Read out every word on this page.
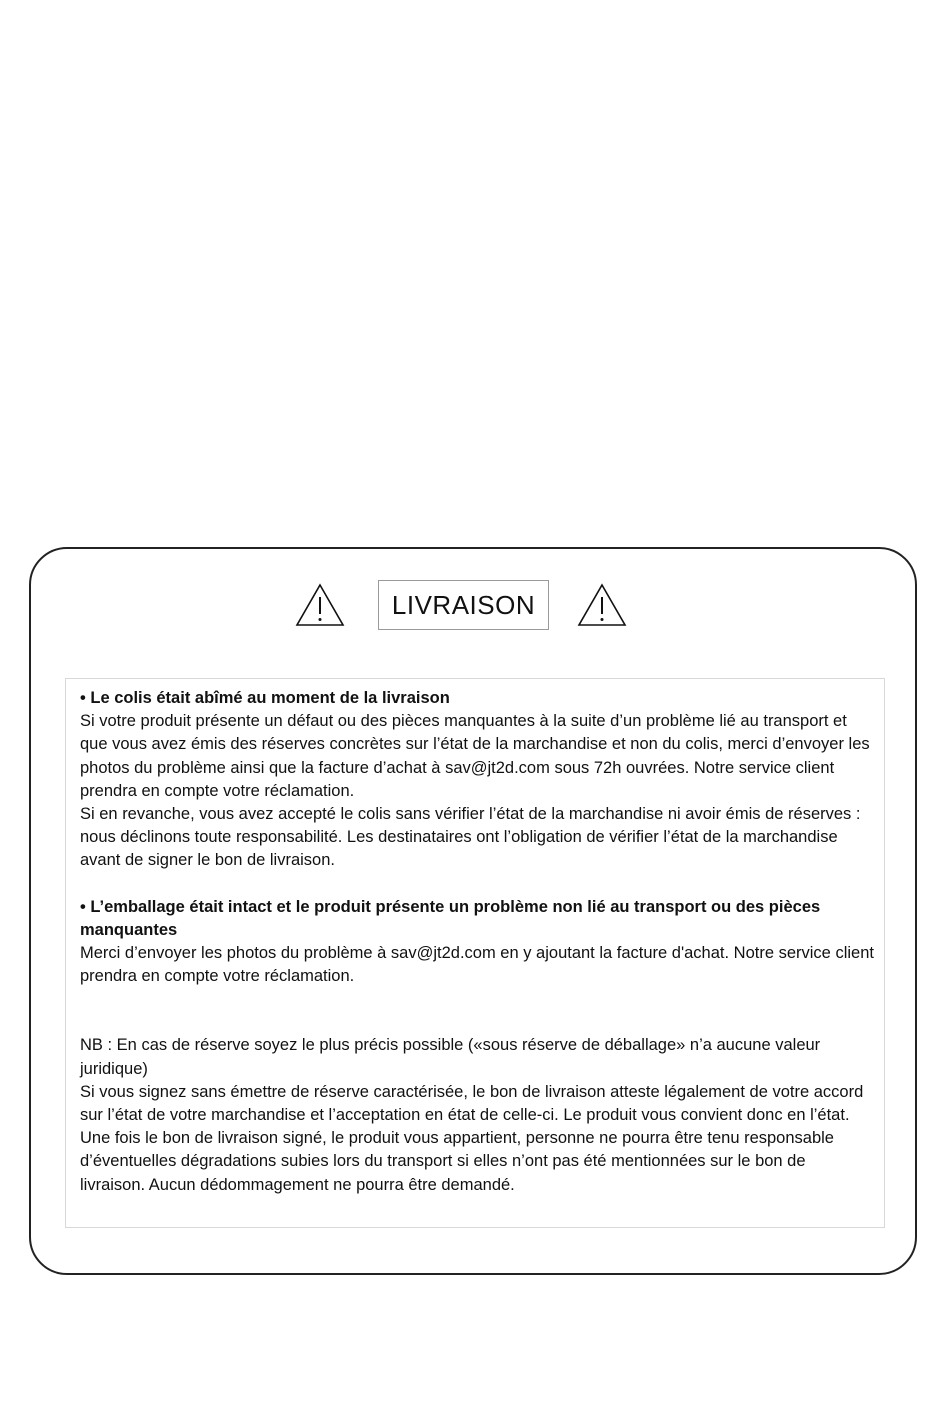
LIVRAISON

• Le colis était abîmé au moment de la livraison

Si votre produit présente un défaut ou des pièces manquantes à la suite d’un problème lié au transport et que vous avez émis des réserves concrètes sur l’état de la marchandise et non du colis, merci d’envoyer les photos du problème ainsi que la facture d’achat à sav@jt2d.com sous 72h ouvrées. Notre service client prendra en compte votre réclamation.

Si en revanche, vous avez accepté le colis sans vérifier l’état de la marchandise ni avoir émis de réserves : nous déclinons toute responsabilité. Les destinataires ont l’obligation de vérifier l’état de la marchandise avant de signer le bon de livraison.

• L’emballage était intact et le produit présente un problème non lié au transport ou des pièces manquantes

Merci d’envoyer les photos du problème à sav@jt2d.com en y ajoutant la facture d'achat. Notre service client prendra en compte votre réclamation.

NB : En cas de réserve soyez le plus précis possible («sous réserve de déballage» n’a aucune valeur juridique)

Si vous signez sans émettre de réserve caractérisée, le bon de livraison atteste légalement de votre accord sur l’état de votre marchandise et l’acceptation en état de celle-ci. Le produit vous convient donc en l’état. Une fois le bon de livraison signé, le produit vous appartient, personne ne pourra être tenu responsable d’éventuelles dégradations subies lors du transport si elles n’ont pas été mentionnées sur le bon de livraison. Aucun dédommagement ne pourra être demandé.
